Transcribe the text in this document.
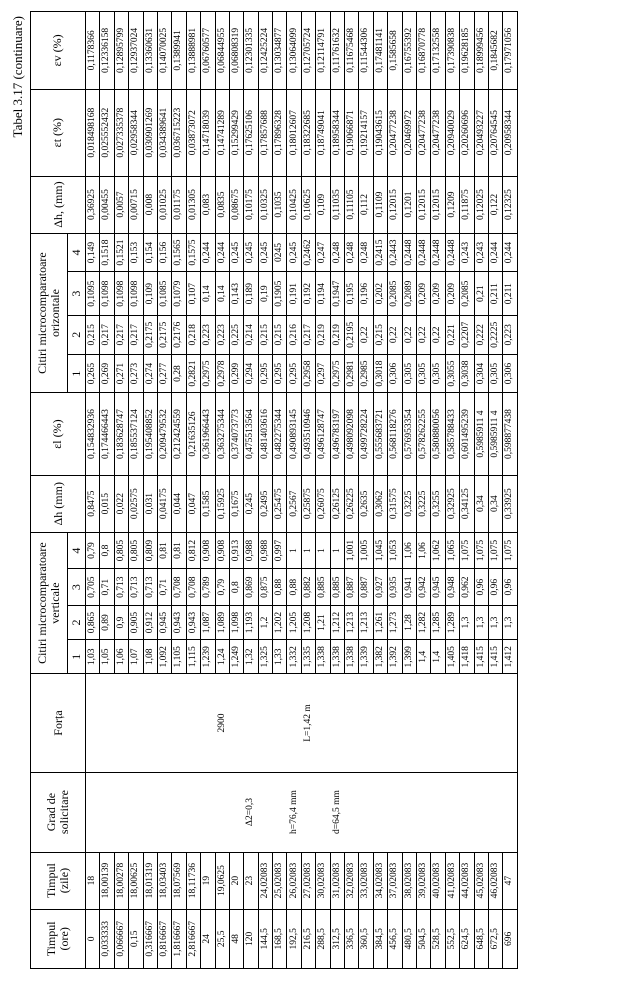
Tabel 3.17 (continuare)
Timpul (ore)	Timpul (zile)	Grad de solicitare	Forța	Citiri microcomparatoare verticale				Δh (mm)	εl (%)	Citiri microcomparatoare orizontale				Δh, (mm)	εt (%)	εv (%)
				1	2	3	4			1	2	3	4			
0	18			1,03	0,865	0,705	0,79	0,8475	0,154832936	0,265	0,215	0,1095	0,149	0,36925	0,018498168	0,1178366
0,033333	18,00139			1,05	0,89	0,71	0,8	0,015	0,174466443	0,269	0,217	0,1098	0,1518	0,00455	0,025552432	0,12336158
0,066667	18,00278			1,06	0,9	0,713	0,805	0,022	0,183628747	0,271	0,217	0,1098	0,1521	0,0057	0,027335378	0,12895799
0,15	18,00625			1,07	0,905	0,713	0,805	0,02575	0,185537124	0,273	0,217	0,1098	0,153	0,00715	0,02958344	0,12937024
0,316667	18,01319			1,08	0,912	0,713	0,809	0,031	0,195408852	0,274	0,2175	0,109	0,154	0,008	0,030901269	0,13360631
0,816667	18,03403			1,092	0,945	0,71	0,81	0,04175	0,209479532	0,277	0,2175	0,1085	0,156	0,01025	0,034389641	0,14070025
1,816667	18,07569			1,105	0,943	0,708	0,81	0,044	0,212424559	0,28	0,2176	0,1079	0,1565	0,01175	0,036715223	0,1389941
2,816667	18,11736			1,115	0,943	0,708	0,812	0,047	0,21635126	0,2821	0,218	0,107	0,1575	0,01305	0,03873072	0,13888981
24	19			1,239	1,087	0,789	0,908	0,1585	0,361966443	0,2975	0,223	0,14	0,244	0,083	0,14718039	0,06760577
25,5	19,0625		2900	1,24	1,089	0,79	0,908	0,15925	0,363275344	0,2978	0,223	0,14	0,244	0,0835	0,14741289	0,06844955
48	20			1,249	1,098	0,8	0,913	0,1675	0,374073773	0,299	0,225	0,143	0,245	0,08675	0,15299429	0,06808319
120	23	Δ2=0,3		1,32	1,193	0,869	0,988	0,245	0,475513564	0,294	0,214	0,189	0,245	0,10175	0,17625106	0,12301335
144,5	24,02083			1,325	1,2	0,875	0,988	0,2495	0,481403616	0,295	0,215	0,19	0,245	0,10325	0,17857688	0,12425224
168,5	25,02083			1,33	1,202	0,88	0,997	0,25475	0,482275344	0,295	0,215	0,1905	0245	0,1035	0,17896328	0,13034877
192,5	26,02083	h=76,4 mm		1,332	1,205	0,88	1	0,2567	0,490893145	0,295	0,216	0,191	0,245	0,10425	0,18012607	0,13064099
216,5	27,02083		L=1,42 m	1,335	1,208	0,882	1	0,25875	0,493510946	0,2958	0,217	0,192	0,2462	0,10625	0,18322685	0,12705724
288,5	30,02083			1,338	1,21	0,885	1	0,26075	0,496128747	0,297	0,219	0,194	0,247	0,109	0,18749041	0,12114791
312,5	31,02083	d=64,5 mm		1,338	1,212	0,885	1	0,26125	0,496783197	0,2975	0,219	0,1947	0,248	0,11035	0,18958344	0,11761632
336,5	32,02083			1,338	1,213	0,887	1,001	0,26225	0,498092098	0,2981	0,2195	0,195	0,248	0,11105	0,19066871	0,11675468
360,5	33,02083			1,339	1,213	0,887	1,005	0,2635	0,499728224	0,2985	0,22	0,196	0,248	0,112	0,19214157	0,11544306
384,5	34,02083			1,382	1,261	0,927	1,045	0,3062	0,555683721	0,3018	0,215	0,202	0,2415	0,1109	0,19043615	0,17481141
456,5	37,02083			1,392	1,273	0,935	1,053	0,31575	0,568118276	0,306	0,22	0,2085	0,2443	0,12015	0,20477238	0,1585658
480,5	38,02083			1,399	1,28	0,941	1,06	0,3225	0,576953354	0,305	0,22	0,2089	0,2448	0,1201	0,20469972	0,16755392
504,5	39,02083			1,4	1,282	0,942	1,06	0,3225	0,578262255	0,305	0,22	0,209	0,2448	0,12015	0,20477238	0,16870778
528,5	40,02083			1,4	1,285	0,945	1,062	0,3255	0,580880056	0,305	0,22	0,209	0,2448	0,12015	0,20477238	0,17132558
552,5	41,02083			1,405	1,289	0,948	1,065	0,32925	0,585788433	0,3055	0,221	0,209	0,2448	0,1209	0,20940029	0,17390838
624,5	44,02083			1,418	1,3	0,962	1,075	0,34125	0,601495239	0,3038	0,2207	0,2085	0,243	0,11875	0,20260696	0,19628185
648,5	45,02083			1,415	1,3	0,96	1,075	0,34	0,5985911 4	0,304	0,222	0,21	0,243	0,12025	0,20493227	0,18999456
672,5	46,02083			1,415	1,3	0,96	1,075	0,34	0,5985911 4	0,305	0,2225	0,211	0,244	0,122	0,20764545	0,1845682
696	47			1,412	1,3	0,96	1,075	0,33925	0,598877438	0,306	0,223	0,211	0,244	0,12325	0,20958344	0,17971056
